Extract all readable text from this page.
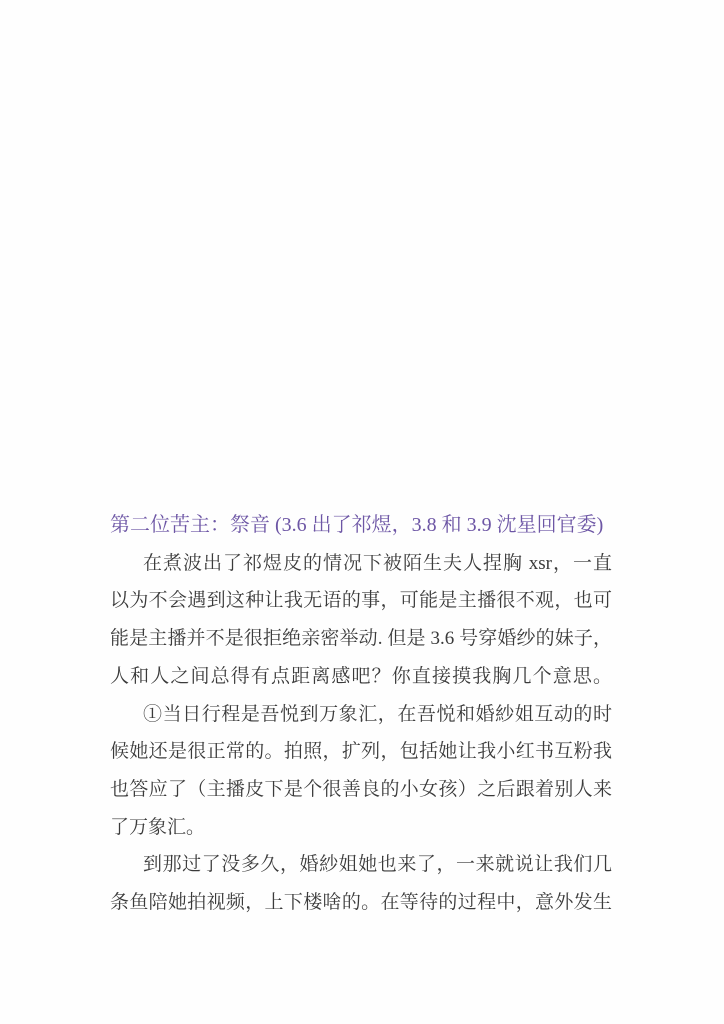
第二位苦主：祭音 (3.6 出了祁煜，3.8 和 3.9 沈星回官委)
在煮波出了祁煜皮的情况下被陌生夫人捏胸 xsr，一直
以为不会遇到这种让我无语的事，可能是主播很不观，也可
能是主播并不是很拒绝亲密举动. 但是 3.6 号穿婚纱的妹子，
人和人之间总得有点距离感吧？你直接摸我胸几个意思。
①当日行程是吾悦到万象汇，在吾悦和婚紗姐互动的时
候她还是很正常的。拍照，扩列，包括她让我小红书互粉我
也答应了（主播皮下是个很善良的小女孩）之后跟着别人来
了万象汇。
到那过了没多久，婚紗姐她也来了，一来就说让我们几
条鱼陪她拍视频，上下楼啥的。在等待的过程中，意外发生
